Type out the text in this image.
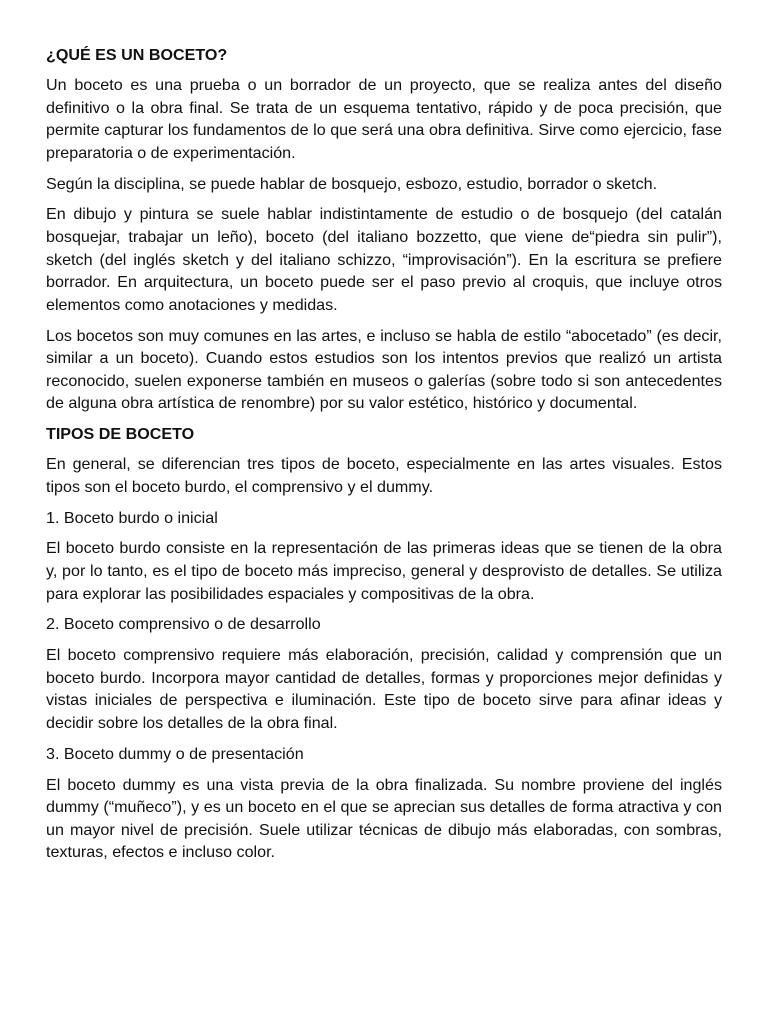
¿QUÉ ES UN BOCETO?

Un boceto es una prueba o un borrador de un proyecto, que se realiza antes del diseño definitivo o la obra final. Se trata de un esquema tentativo, rápido y de poca precisión, que permite capturar los fundamentos de lo que será una obra definitiva. Sirve como ejercicio, fase preparatoria o de experimentación.

Según la disciplina, se puede hablar de bosquejo, esbozo, estudio, borrador o sketch.

En dibujo y pintura se suele hablar indistintamente de estudio o de bosquejo (del catalán bosquejar, trabajar un leño), boceto (del italiano bozzetto, que viene de“piedra sin pulir”), sketch (del inglés sketch y del italiano schizzo, “improvisación”). En la escritura se prefiere borrador. En arquitectura, un boceto puede ser el paso previo al croquis, que incluye otros elementos como anotaciones y medidas.

Los bocetos son muy comunes en las artes, e incluso se habla de estilo “abocetado” (es decir, similar a un boceto). Cuando estos estudios son los intentos previos que realizó un artista reconocido, suelen exponerse también en museos o galerías (sobre todo si son antecedentes de alguna obra artística de renombre) por su valor estético, histórico y documental.

TIPOS DE BOCETO

En general, se diferencian tres tipos de boceto, especialmente en las artes visuales. Estos tipos son el boceto burdo, el comprensivo y el dummy.

1. Boceto burdo o inicial

El boceto burdo consiste en la representación de las primeras ideas que se tienen de la obra y, por lo tanto, es el tipo de boceto más impreciso, general y desprovisto de detalles. Se utiliza para explorar las posibilidades espaciales y compositivas de la obra.

2. Boceto comprensivo o de desarrollo

El boceto comprensivo requiere más elaboración, precisión, calidad y comprensión que un boceto burdo. Incorpora mayor cantidad de detalles, formas y proporciones mejor definidas y vistas iniciales de perspectiva e iluminación. Este tipo de boceto sirve para afinar ideas y decidir sobre los detalles de la obra final.

3. Boceto dummy o de presentación

El boceto dummy es una vista previa de la obra finalizada. Su nombre proviene del inglés dummy (“muñeco”), y es un boceto en el que se aprecian sus detalles de forma atractiva y con un mayor nivel de precisión. Suele utilizar técnicas de dibujo más elaboradas, con sombras, texturas, efectos e incluso color.
